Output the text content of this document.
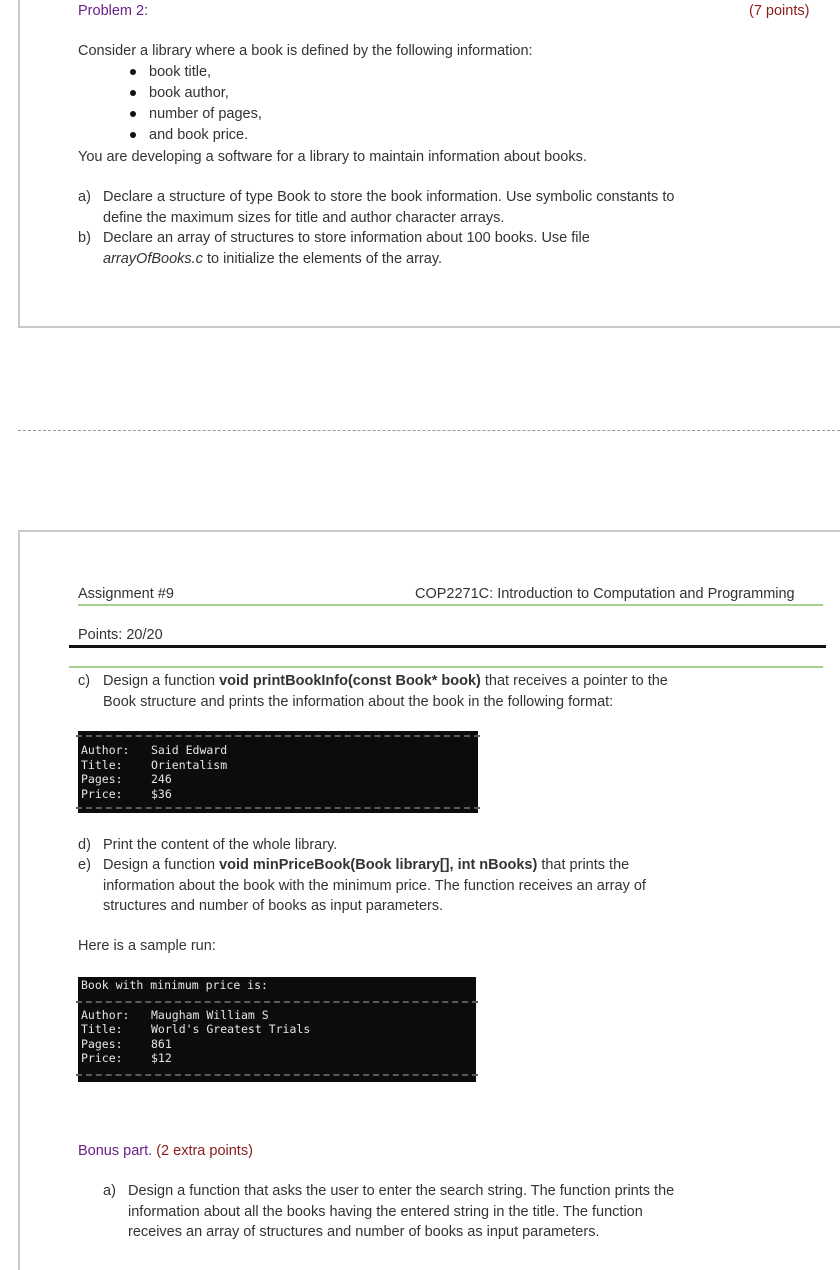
Problem 2:	(7 points)
Consider a library where a book is defined by the following information:
book title,
book author,
number of pages,
and book price.
You are developing a software for a library to maintain information about books.
a) Declare a structure of type Book to store the book information. Use symbolic constants to
define the maximum sizes for title and author character arrays.
b) Declare an array of structures to store information about 100 books. Use file
arrayOfBooks.c to initialize the elements of the array.
Assignment #9	COP2271C: Introduction to Computation and Programming
Points: 20/20
c) Design a function void printBookInfo(const Book* book) that receives a pointer to the
Book structure and prints the information about the book in the following format:
Author: Said Edward
Title: Orientalism
Pages: 246
Price: $36
d) Print the content of the whole library.
e) Design a function void minPriceBook(Book library[], int nBooks) that prints the
information about the book with the minimum price. The function receives an array of
structures and number of books as input parameters.
Here is a sample run:
Book with minimum price is:
Author: Maugham William S
Title: World's Greatest Trials
Pages: 861
Price: $12
Bonus part. (2 extra points)
a) Design a function that asks the user to enter the search string. The function prints the
information about all the books having the entered string in the title. The function
receives an array of structures and number of books as input parameters.
